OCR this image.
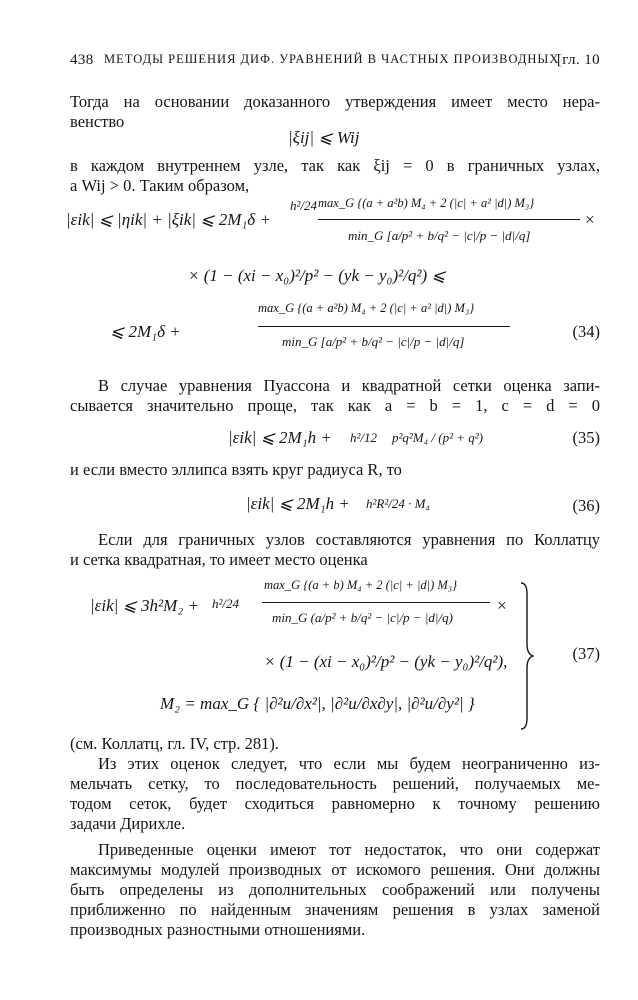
438 МЕТОДЫ РЕШЕНИЯ ДИФ. УРАВНЕНИЙ В ЧАСТНЫХ ПРОИЗВОДНЫХ
[гл. 10
Тогда на основании доказанного утверждения имеет место нера-
венство
|ξij| ⩽ Wij
в каждом внутреннем узле, так как ξij = 0 в граничных узлах,
а Wij > 0. Таким образом,
|εik| ⩽ |ηik| + |ξik| ⩽ 2M₁δ +
h²/24 max_G {(a + a²b) M₄ + 2 (|c| + a² |d|) M₃}
min_G [a/p² + b/q² − |c|/p − |d|/q]
×
× (1 − (xi − x₀)²/p² − (yk − y₀)²/q²) ⩽
⩽ 2M₁δ +
max_G {(a + a²b) M₄ + 2 (|c| + a² |d|) M₃}
min_G [a/p² + b/q² − |c|/p − |d|/q]
(34)
В случае уравнения Пуассона и квадратной сетки оценка запи-
сывается значительно проще, так как a = b = 1, c = d = 0
|εik| ⩽ 2M₁h + h²/12 p²q²M₄ / (p² + q²)	(35)
и если вместо эллипса взять круг радиуса R, то
|εik| ⩽ 2M₁h + h²R²/24 · M₄	(36)
Если для граничных узлов составляются уравнения по Коллатцу
и сетка квадратная, то имеет место оценка
|εik| ⩽ 3h²M₂ + h²/24
max_G {(a + b) M₄ + 2 (|c| + |d|) M₃}
min_G (a/p² + b/q² − |c|/p − |d|/q)
×
× (1 − (xi − x₀)²/p² − (yk − y₀)²/q²),
M₂ = max_G { |∂²u/∂x²|, |∂²u/∂x∂y|, |∂²u/∂y²| }
(37)
(см. Коллатц, гл. IV, стр. 281).
Из этих оценок следует, что если мы будем неограниченно из-
мельчать сетку, то последовательность решений, получаемых ме-
тодом сеток, будет сходиться равномерно к точному решению
задачи Дирихле.
Приведенные оценки имеют тот недостаток, что они содержат
максимумы модулей производных от искомого решения. Они должны
быть определены из дополнительных соображений или получены
приближенно по найденным значениям решения в узлах заменой
производных разностными отношениями.
